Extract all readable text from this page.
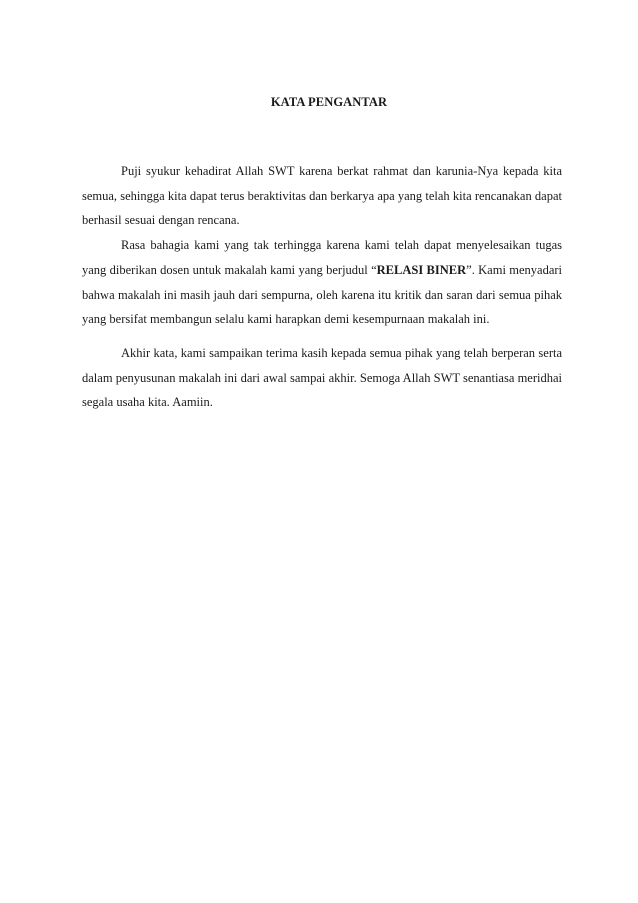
KATA PENGANTAR

Puji syukur kehadirat Allah SWT karena berkat rahmat dan karunia-Nya kepada kita semua, sehingga kita dapat terus beraktivitas dan berkarya apa yang telah kita rencanakan dapat berhasil sesuai dengan rencana.

Rasa bahagia kami yang tak terhingga karena kami telah dapat menyelesaikan tugas yang diberikan dosen untuk makalah kami yang berjudul “RELASI BINER”. Kami menyadari bahwa makalah ini masih jauh dari sempurna, oleh karena itu kritik dan saran dari semua pihak yang bersifat membangun selalu kami harapkan demi kesempurnaan makalah ini.

Akhir kata, kami sampaikan terima kasih kepada semua pihak yang telah berperan serta dalam penyusunan makalah ini dari awal sampai akhir. Semoga Allah SWT senantiasa meridhai segala usaha kita. Aamiin.
